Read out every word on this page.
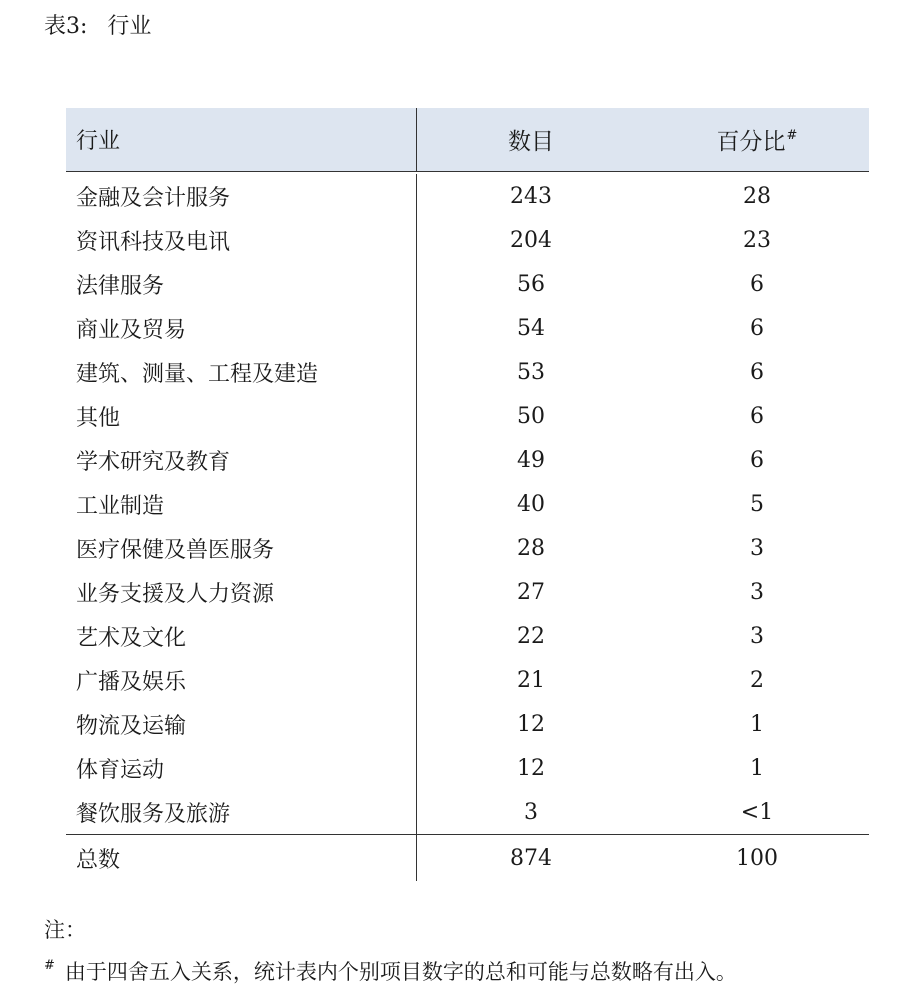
表3: 行业
行业	数目	百分比#
金融及会计服务	243	28
资讯科技及电讯	204	23
法律服务	56	6
商业及贸易	54	6
建筑、测量、工程及建造	53	6
其他	50	6
学术研究及教育	49	6
工业制造	40	5
医疗保健及兽医服务	28	3
业务支援及人力资源	27	3
艺术及文化	22	3
广播及娱乐	21	2
物流及运输	12	1
体育运动	12	1
餐饮服务及旅游	3	<1
总数	874	100
注：
# 由于四舍五入关系，统计表内个别项目数字的总和可能与总数略有出入。
